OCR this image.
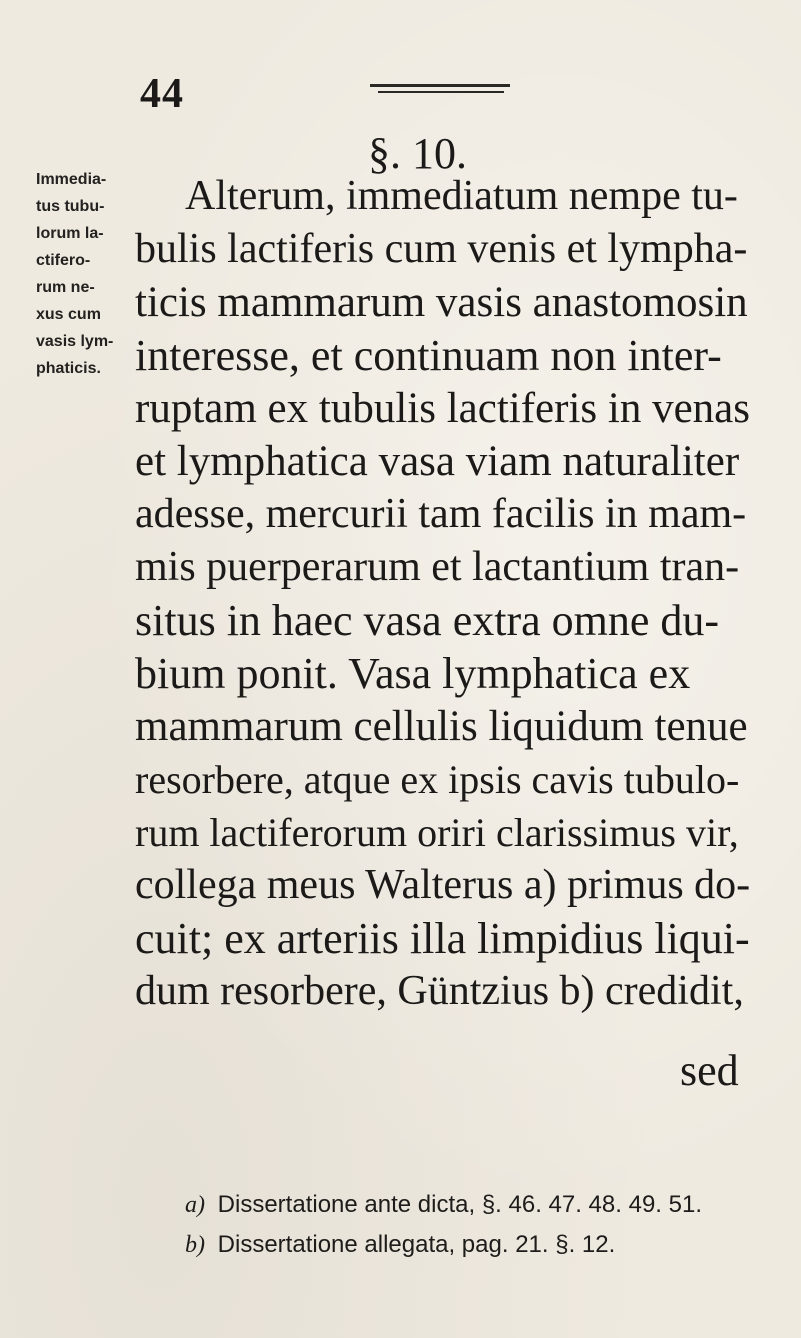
44
§. 10.
Immedia-
tus tubu-
lorum la-
ctifero-
rum ne-
xus cum
vasis lym-
phaticis.
Alterum, immediatum nempe tu-
bulis lactiferis cum venis et lympha-
ticis mammarum vasis anastomosin
interesse, et continuam non inter-
ruptam ex tubulis lactiferis in venas
et lymphatica vasa viam naturaliter
adesse, mercurii tam facilis in mam-
mis puerperarum et lactantium tran-
situs in haec vasa extra omne du-
bium ponit. Vasa lymphatica ex
mammarum cellulis liquidum tenue
resorbere, atque ex ipsis cavis tubulo-
rum lactiferorum oriri clarissimus vir,
collega meus Walterus a) primus do-
cuit; ex arteriis illa limpidius liqui-
dum resorbere, Güntzius b) credidit,
sed
a) Dissertatione ante dicta, §. 46. 47. 48. 49. 51.
b) Dissertatione allegata, pag. 21. §. 12.
